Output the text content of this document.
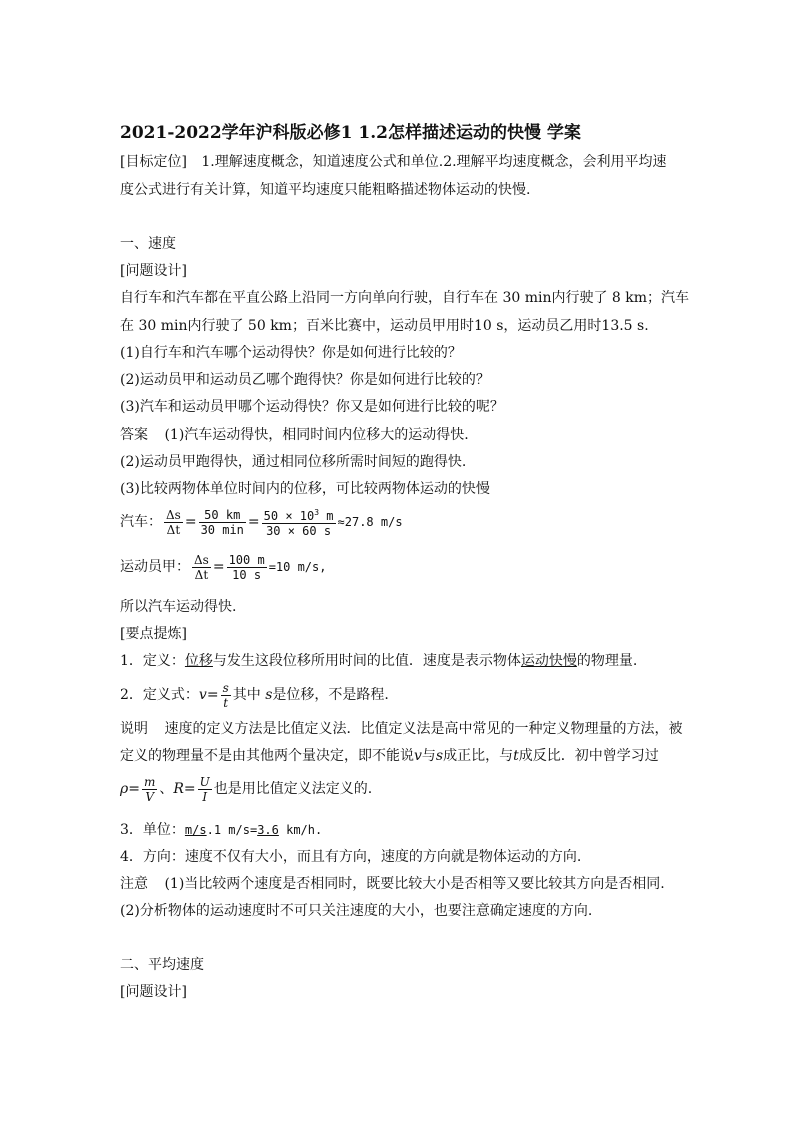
2021-2022学年沪科版必修1 1.2怎样描述运动的快慢 学案
[目标定位] 1.理解速度概念，知道速度公式和单位.2.理解平均速度概念，会利用平均速
度公式进行有关计算，知道平均速度只能粗略描述物体运动的快慢.
一、速度
[问题设计]
自行车和汽车都在平直公路上沿同一方向单向行驶，自行车在 30 min内行驶了 8 km；汽车
在 30 min内行驶了 50 km；百米比赛中，运动员甲用时10 s，运动员乙用时13.5 s.
(1)自行车和汽车哪个运动得快？你是如何进行比较的？
(2)运动员甲和运动员乙哪个跑得快？你是如何进行比较的？
(3)汽车和运动员甲哪个运动得快？你又是如何进行比较的呢？
答案 (1)汽车运动得快，相同时间内位移大的运动得快.
(2)运动员甲跑得快，通过相同位移所需时间短的跑得快.
(3)比较两物体单位时间内的位移，可比较两物体运动的快慢
汽车： $\frac{\Delta s}{\Delta t} = \frac{50 km}{30 \min} = \frac{50 \times 10^3 m}{30 \times 60 s} \approx 27.8$ m/s
运动员甲： $\frac{\Delta s}{\Delta t} = \frac{100 m}{10 s} =10$ m/s,
所以汽车运动得快.
[要点提炼]
1．定义：位移与发生这段位移所用时间的比值．速度是表示物体运动快慢的物理量.
2．定义式：$v= \frac{s}{t}$ 其中 s是位移，不是路程.
说明 速度的定义方法是比值定义法．比值定义法是高中常见的一种定义物理量的方法，被
定义的物理量不是由其他两个量决定，即不能说v与s成正比，与t成反比．初中曾学习过
$\rho= \frac{m}{V}$ 、$R= \frac{U}{I}$ 也是用比值定义法定义的.
3．单位：m/s.1 m/s=3.6 km/h.
4．方向：速度不仅有大小，而且有方向，速度的方向就是物体运动的方向.
注意 (1)当比较两个速度是否相同时，既要比较大小是否相等又要比较其方向是否相同.
(2)分析物体的运动速度时不可只关注速度的大小，也要注意确定速度的方向.
二、平均速度
[问题设计]
